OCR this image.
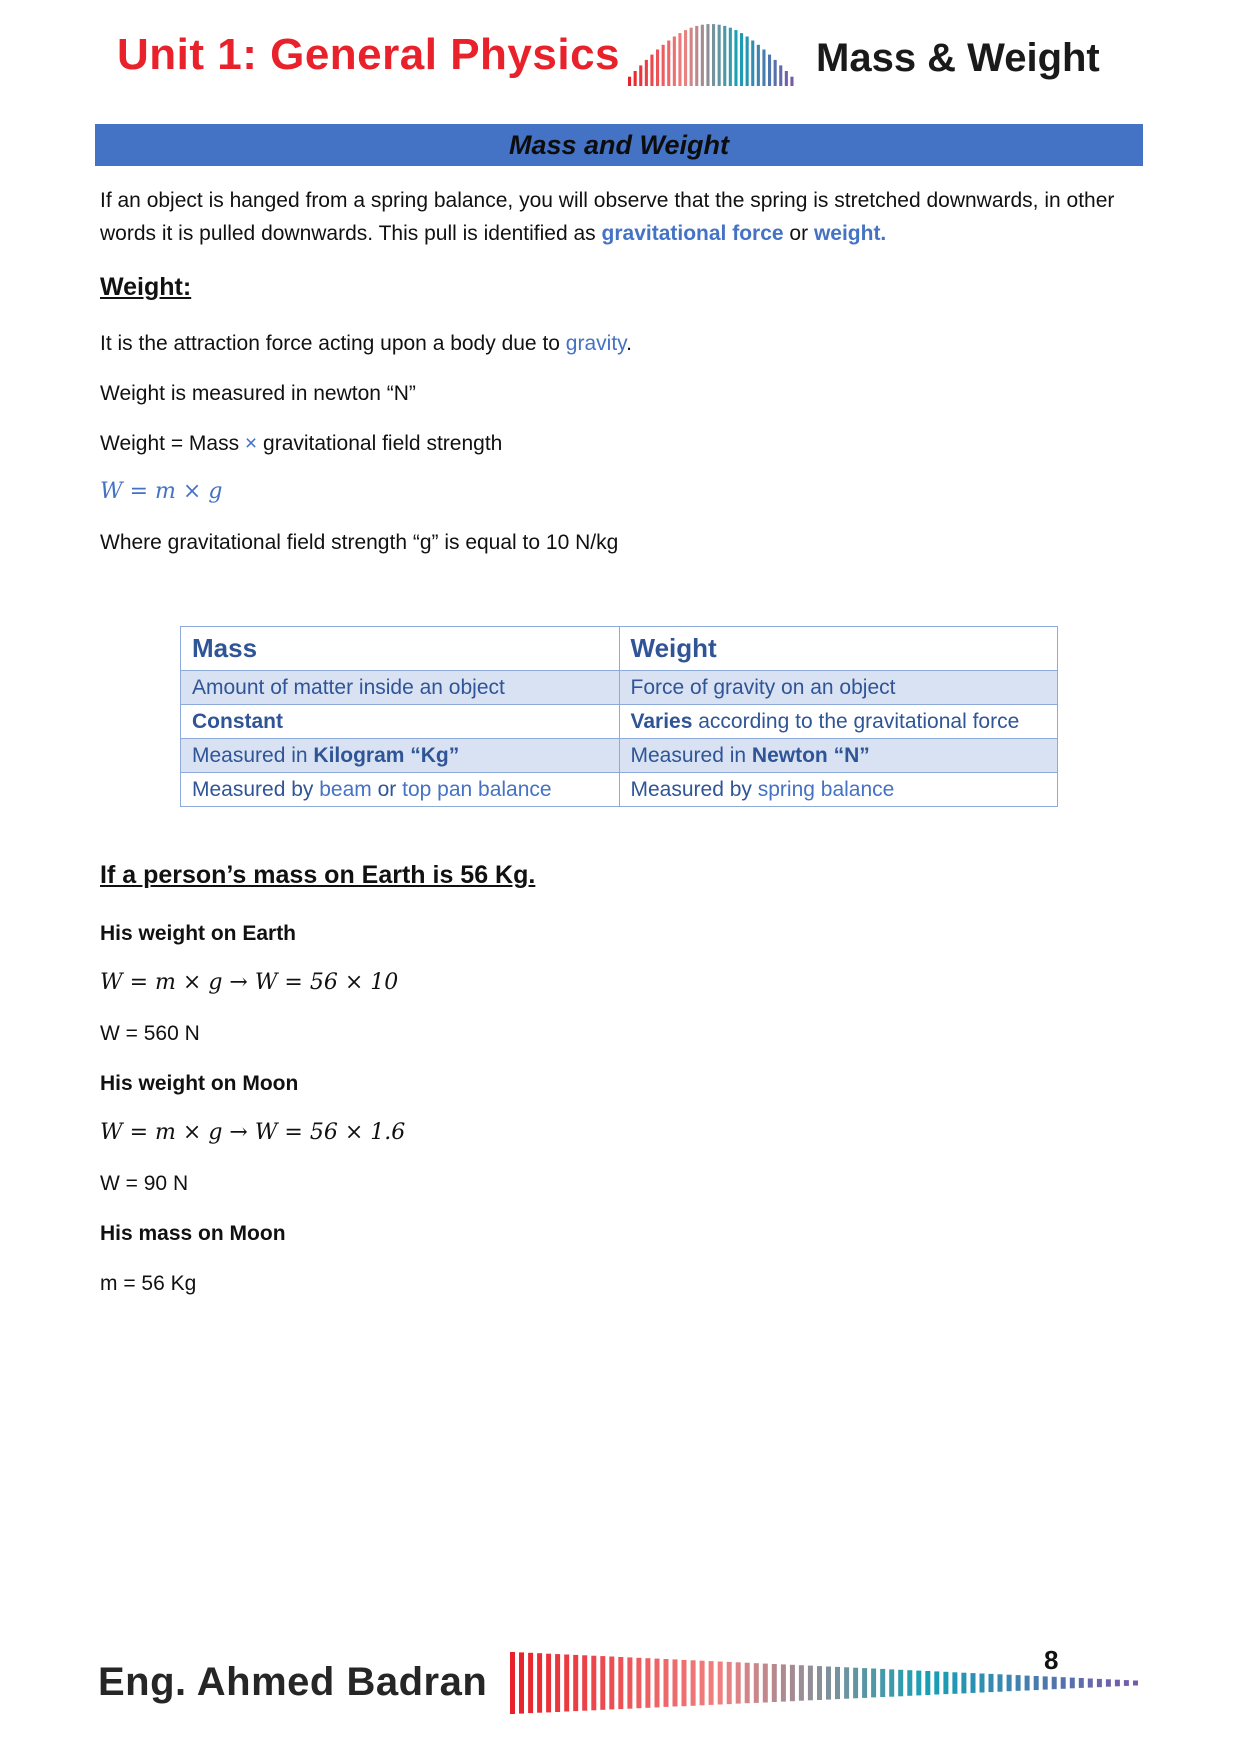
Unit 1: General Physics	Mass & Weight
Mass and Weight
If an object is hanged from a spring balance, you will observe that the spring is stretched downwards, in other words it is pulled downwards. This pull is identified as gravitational force or weight.
Weight:
It is the attraction force acting upon a body due to gravity.
Weight is measured in newton “N”
Weight = Mass × gravitational field strength
W = m × g
Where gravitational field strength “g” is equal to 10 N/kg
Mass	Weight
Amount of matter inside an object	Force of gravity on an object
Constant	Varies according to the gravitational force
Measured in Kilogram “Kg”	Measured in Newton “N”
Measured by beam or top pan balance	Measured by spring balance
If a person’s mass on Earth is 56 Kg.
His weight on Earth
W = m × g → W = 56 × 10
W = 560 N
His weight on Moon
W = m × g → W = 56 × 1.6
W = 90 N
His mass on Moon
m = 56 Kg
Eng. Ahmed Badran	8
